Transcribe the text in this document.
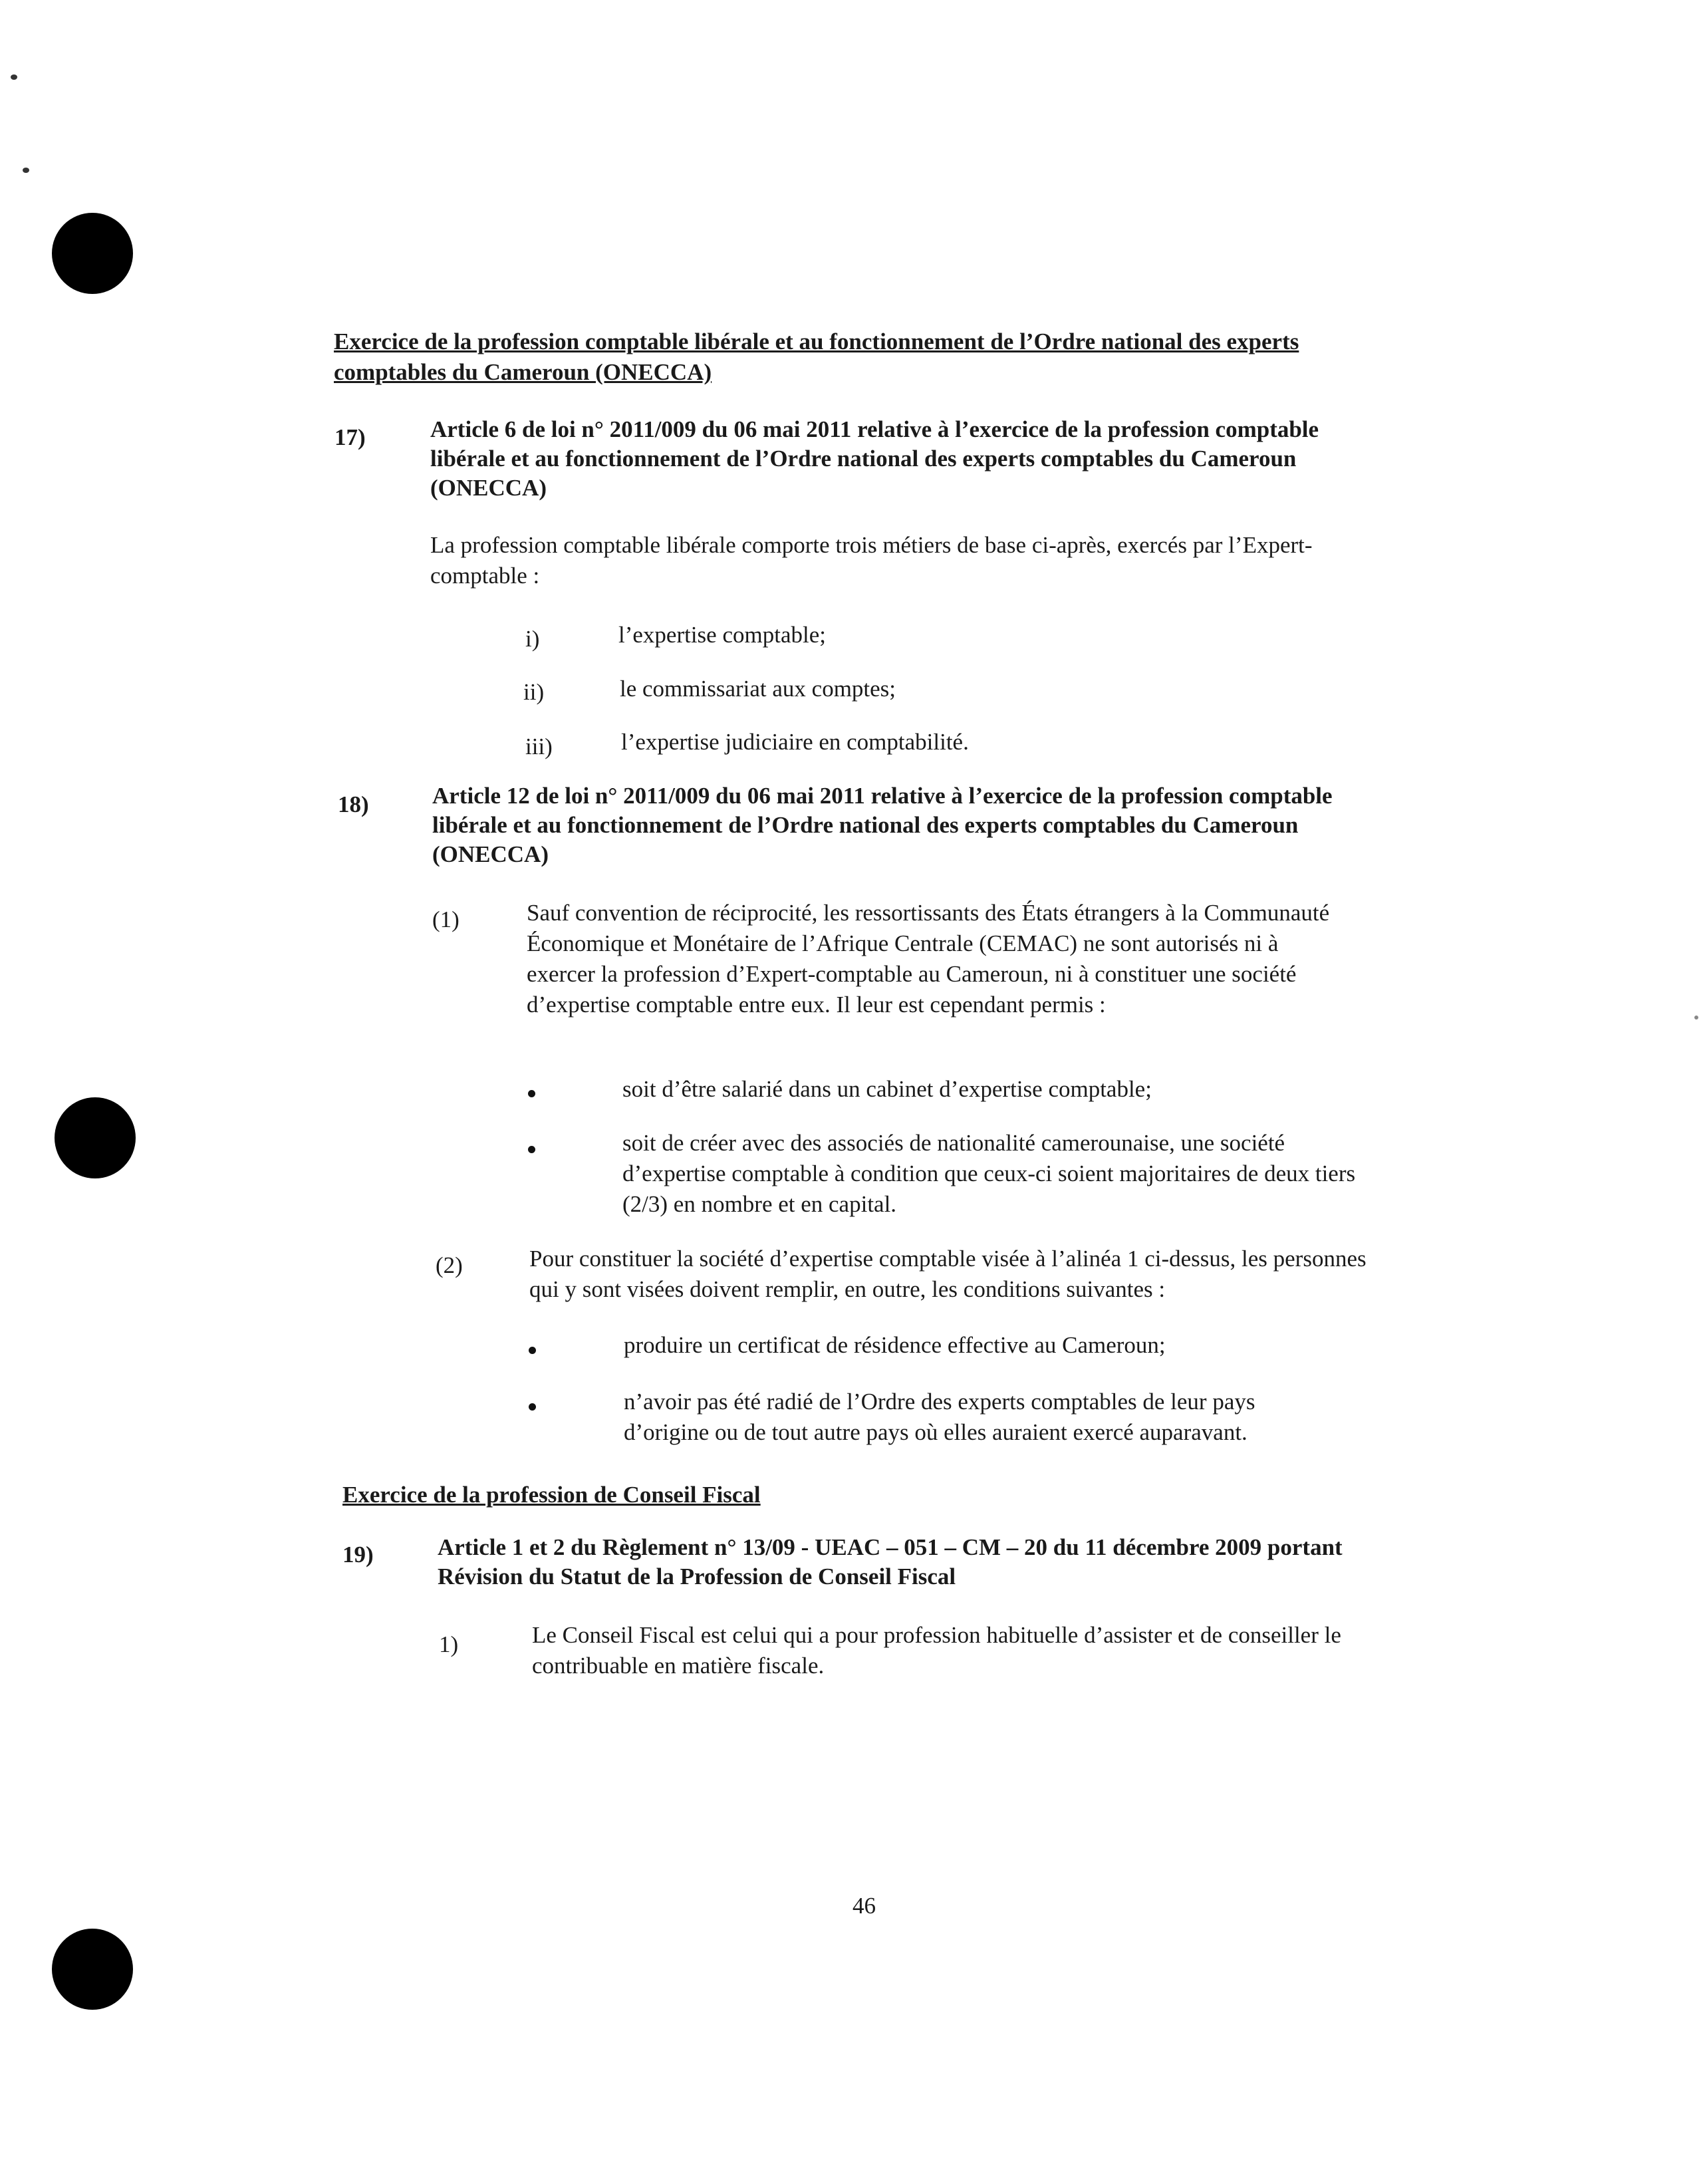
Exercice de la profession comptable libérale et au fonctionnement de l’Ordre national des experts comptables du Cameroun (ONECCA)
17)	Article 6 de loi n° 2011/009 du 06 mai 2011 relative à l’exercice de la profession comptable libérale et au fonctionnement de l’Ordre national des experts comptables du Cameroun (ONECCA)
La profession comptable libérale comporte trois métiers de base ci-après, exercés par l’Expert-comptable :
i)	l’expertise comptable;
ii)	le commissariat aux comptes;
iii)	l’expertise judiciaire en comptabilité.
18)	Article 12 de loi n° 2011/009 du 06 mai 2011 relative à l’exercice de la profession comptable libérale et au fonctionnement de l’Ordre national des experts comptables du Cameroun (ONECCA)
(1)	Sauf convention de réciprocité, les ressortissants des États étrangers à la Communauté Économique et Monétaire de l’Afrique Centrale (CEMAC) ne sont autorisés ni à exercer la profession d’Expert-comptable au Cameroun, ni à constituer une société d’expertise comptable entre eux. Il leur est cependant permis :
soit d’être salarié dans un cabinet d’expertise comptable;
soit de créer avec des associés de nationalité camerounaise, une société d’expertise comptable à condition que ceux-ci soient majoritaires de deux tiers (2/3) en nombre et en capital.
(2)	Pour constituer la société d’expertise comptable visée à l’alinéa 1 ci-dessus, les personnes qui y sont visées doivent remplir, en outre, les conditions suivantes :
produire un certificat de résidence effective au Cameroun;
n’avoir pas été radié de l’Ordre des experts comptables de leur pays d’origine ou de tout autre pays où elles auraient exercé auparavant.
Exercice de la profession de Conseil Fiscal
19)	Article 1 et 2 du Règlement n° 13/09 - UEAC – 051 – CM – 20 du 11 décembre 2009 portant Révision du Statut de la Profession de Conseil Fiscal
1)	Le Conseil Fiscal est celui qui a pour profession habituelle d’assister et de conseiller le contribuable en matière fiscale.
46
